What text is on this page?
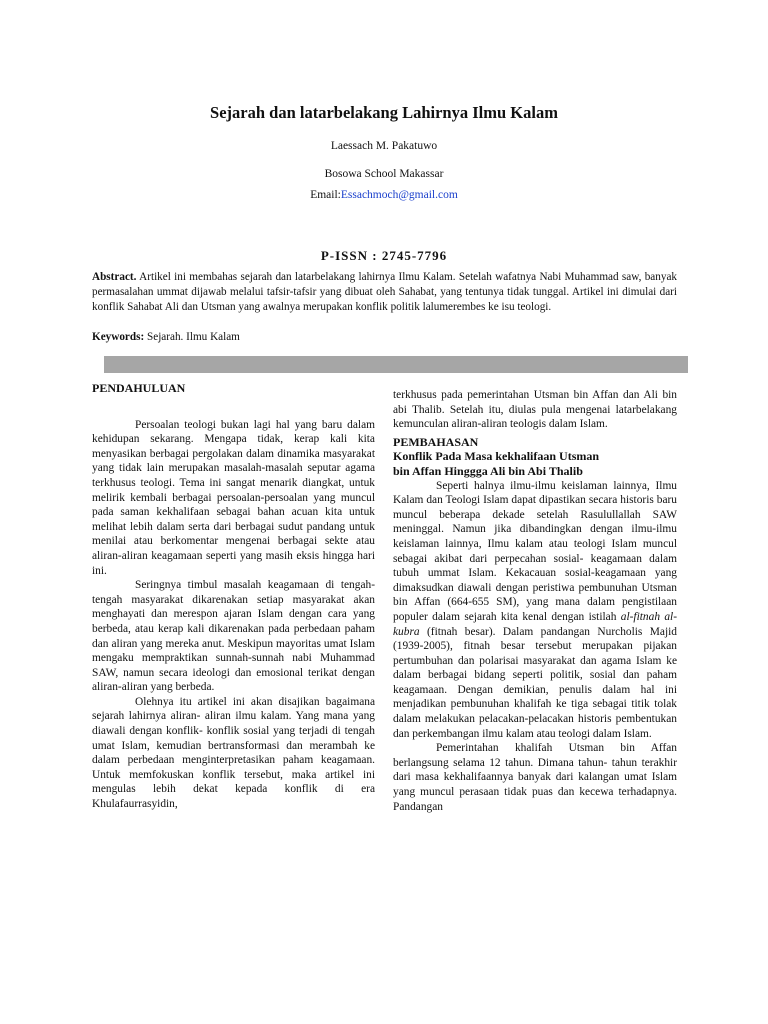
Sejarah dan latarbelakang Lahirnya Ilmu Kalam
Laessach M. Pakatuwo
Bosowa School Makassar
Email:Essachmoch@gmail.com
P-ISSN : 2745-7796
Abstract. Artikel ini membahas sejarah dan latarbelakang lahirnya Ilmu Kalam. Setelah wafatnya Nabi Muhammad saw, banyak permasalahan ummat dijawab melalui tafsir-tafsir yang dibuat oleh Sahabat, yang tentunya tidak tunggal. Artikel ini dimulai dari konflik Sahabat Ali dan Utsman yang awalnya merupakan konflik politik lalumerembes ke isu teologi.
Keywords: Sejarah. Ilmu Kalam

PENDAHULUAN

Persoalan teologi bukan lagi hal yang baru dalam kehidupan sekarang. Mengapa tidak, kerap kali kita menyasikan berbagai pergolakan dalam dinamika masyarakat yang tidak lain merupakan masalah-masalah seputar agama terkhusus teologi. Tema ini sangat menarik diangkat, untuk melirik kembali berbagai persoalan-persoalan yang muncul pada saman kekhalifaan sebagai bahan acuan kita untuk melihat lebih dalam serta dari berbagai sudut pandang untuk menilai atau berkomentar mengenai berbagai sekte atau aliran-aliran keagamaan seperti yang masih eksis hingga hari ini.

Seringnya timbul masalah keagamaan di tengah-tengah masyarakat dikarenakan setiap masyarakat akan menghayati dan merespon ajaran Islam dengan cara yang berbeda, atau kerap kali dikarenakan pada perbedaan paham dan aliran yang mereka anut. Meskipun mayoritas umat Islam mengaku mempraktikan sunnah-sunnah nabi Muhammad SAW, namun secara ideologi dan emosional terikat dengan aliran-aliran yang berbeda.

Olehnya itu artikel ini akan disajikan bagaimana sejarah lahirnya aliran- aliran ilmu kalam. Yang mana yang diawali dengan konflik- konflik sosial yang terjadi di tengah umat Islam, kemudian bertransformasi dan merambah ke dalam perbedaan menginterpretasikan paham keagamaan. Untuk memfokuskan konflik tersebut, maka artikel ini mengulas lebih dekat kepada konflik di era Khulafaurrasyidin,

terkhusus pada pemerintahan Utsman bin Affan dan Ali bin abi Thalib. Setelah itu, diulas pula mengenai latarbelakang kemunculan aliran-aliran teologis dalam Islam.

PEMBAHASAN

Konflik Pada Masa kekhalifaan Utsman

bin Affan Hinggga Ali bin Abi Thalib

Seperti halnya ilmu-ilmu keislaman lainnya, Ilmu Kalam dan Teologi Islam dapat dipastikan secara historis baru muncul beberapa dekade setelah Rasulullallah SAW meninggal. Namun jika dibandingkan dengan ilmu-ilmu keislaman lainnya, Ilmu kalam atau teologi Islam muncul sebagai akibat dari perpecahan sosial- keagamaan dalam tubuh ummat Islam. Kekacauan sosial-keagamaan yang dimaksudkan diawali dengan peristiwa pembunuhan Utsman bin Affan (664-655 SM), yang mana dalam pengistilaan populer dalam sejarah kita kenal dengan istilah al-fitnah al-kubra (fitnah besar). Dalam pandangan Nurcholis Majid (1939-2005), fitnah besar tersebut merupakan pijakan pertumbuhan dan polarisai masyarakat dan agama Islam ke dalam berbagai bidang seperti politik, sosial dan paham keagamaan. Dengan demikian, penulis dalam hal ini menjadikan pembunuhan khalifah ke tiga sebagai titik tolak dalam melakukan pelacakan-pelacakan historis pembentukan dan perkembangan ilmu kalam atau teologi dalam Islam.

Pemerintahan khalifah Utsman bin Affan berlangsung selama 12 tahun. Dimana tahun- tahun terakhir dari masa kekhalifaannya banyak dari kalangan umat Islam yang muncul perasaan tidak puas dan kecewa terhadapnya. Pandangan
